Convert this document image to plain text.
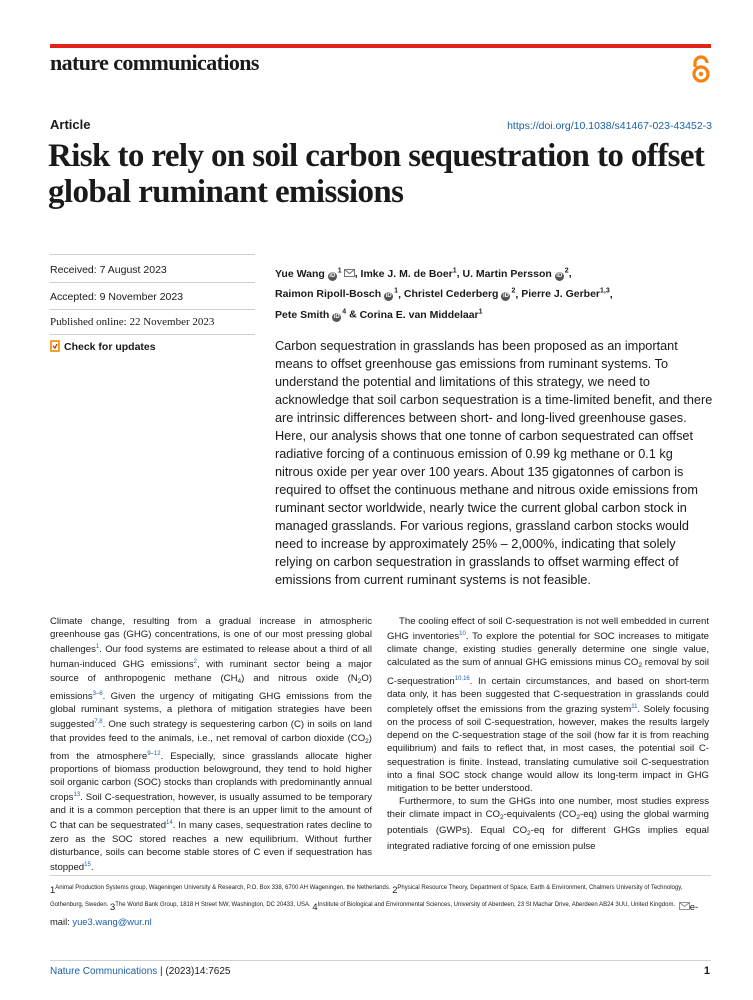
nature communications
Article	https://doi.org/10.1038/s41467-023-43452-3
Risk to rely on soil carbon sequestration to offset global ruminant emissions
Received: 7 August 2023
Accepted: 9 November 2023
Published online: 22 November 2023
Check for updates
Yue Wang $iD^1$ , Imke J. M. de Boer$^1$, U. Martin Persson $iD^2$,
Raimon Ripoll-Bosch $iD^1$, Christel Cederberg $iD^2$, Pierre J. Gerber$^{1,3}$,
Pete Smith $iD^4$ & Corina E. van Middelaar$^1$

Carbon sequestration in grasslands has been proposed as an important means to offset greenhouse gas emissions from ruminant systems. To understand the potential and limitations of this strategy, we need to acknowledge that soil carbon sequestration is a time-limited benefit, and there are intrinsic differences between short- and long-lived greenhouse gases. Here, our analysis shows that one tonne of carbon sequestrated can offset radiative forcing of a continuous emission of 0.99 kg methane or 0.1 kg nitrous oxide per year over 100 years. About 135 gigatonnes of carbon is required to offset the continuous methane and nitrous oxide emissions from ruminant sector worldwide, nearly twice the current global carbon stock in managed grasslands. For various regions, grassland carbon stocks would need to increase by approximately 25% – 2,000%, indicating that solely relying on carbon sequestration in grasslands to offset warming effect of emissions from current ruminant systems is not feasible.

Climate change, resulting from a gradual increase in atmospheric greenhouse gas (GHG) concentrations, is one of our most pressing global challenges$^1$. Our food systems are estimated to release about a third of all human-induced GHG emissions$^2$, with ruminant sector being a major source of anthropogenic methane $(CH_4)$ and nitrous oxide $(N_2O)$ emissions$^{3-6}$. Given the urgency of mitigating GHG emissions from the global ruminant systems, a plethora of mitigation strategies have been suggested$^{7,8}$. One such strategy is sequestering carbon (C) in soils on land that provides feed to the animals, i.e., net removal of carbon dioxide $(CO_2)$ from the atmosphere$^{9-12}$. Especially, since grasslands allocate higher proportions of biomass production belowground, they tend to hold higher soil organic carbon (SOC) stocks than croplands with predominantly annual crops$^{13}$. Soil C-sequestration, however, is usually assumed to be temporary and it is a common perception that there is an upper limit to the amount of C that can be sequestrated$^{14}$. In many cases, sequestration rates decline to zero as the SOC stored reaches a new equilibrium. Without further disturbance, soils can become stable stores of C even if sequestration has stopped$^{15}$.

The cooling effect of soil C-sequestration is not well embedded in current GHG inventories$^{10}$. To explore the potential for SOC increases to mitigate climate change, existing studies generally determine one single value, calculated as the sum of annual GHG emissions minus $CO_2$ removal by soil C-sequestration$^{10,16}$. In certain circumstances, and based on short-term data only, it has been suggested that C-sequestration in grasslands could completely offset the emissions from the grazing system$^{11}$. Solely focusing on the process of soil C-sequestration, however, makes the results largely depend on the C-sequestration stage of the soil (how far it is from reaching equilibrium) and fails to reflect that, in most cases, the potential soil C-sequestration is finite. Instead, translating cumulative soil C-sequestration into a final SOC stock change would allow its long-term impact in GHG mitigation to be better understood.

Furthermore, to sum the GHGs into one number, most studies express their climate impact in $CO_2$-equivalents $(CO_2-eq)$ using the global warming potentials (GWPs). Equal $CO_2-eq$ for different GHGs implies equal integrated radiative forcing of one emission pulse

$1^{Animal Production Systems group, Wageningen University \& Research, P.O. Box 338, 6700 AH Wageningen, the Netherlands.}$ $2^{Physical Resource Theory, Department of Space, Earth \& Environment, Chalmers University of Technology, Gothenburg, Sweden.}$ $3^{The World Bank Group, 1818 H Street NW, Washington, DC 20433, USA.}$ $4^{Institute of Biological and Environmental Sciences, University of Aberdeen, 23 St Machar Drive, Aberdeen AB24 3UU, United Kingdom.}$ e-mail: yue3.wang@wur.nl

Nature Communications | (2023)14:7625	1
